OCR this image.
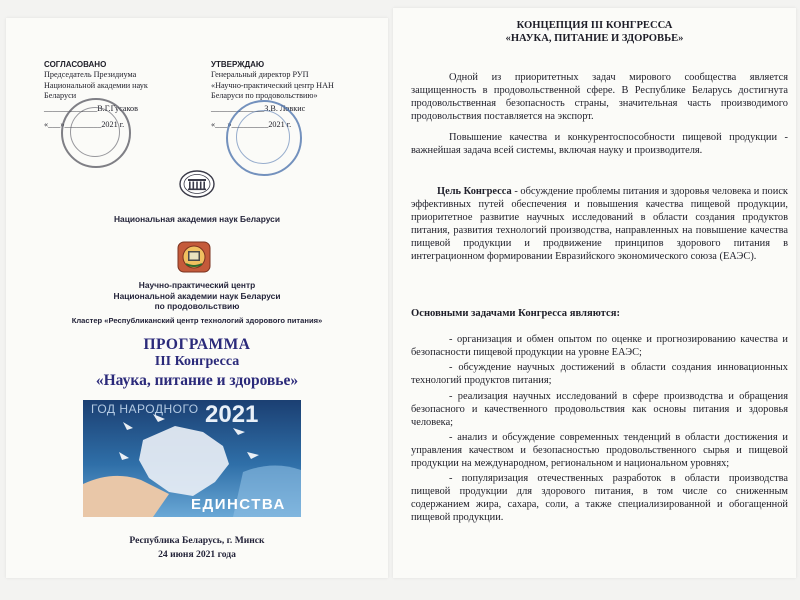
СОГЛАСОВАНО
Председатель Президиума
Национальной академии наук
Беларуси
_____________В.Г.Гусаков
«___»_________2021 г.
УТВЕРЖДАЮ
Генеральный директор РУП
«Научно-практический центр НАН
Беларуси по продовольствию»
_____________З.В. Ловкис
«___»_________2021 г.
Национальная академия наук Беларуси
Научно-практический центр
Национальной академии наук Беларуси
по продовольствию
Кластер «Республиканский центр технологий здорового питания»
ПРОГРАММА
III Конгресса
«Наука, питание и здоровье»
ГОД НАРОДНОГО 2021
ЕДИНСТВА
Республика Беларусь, г. Минск
24 июня 2021 года
КОНЦЕПЦИЯ III КОНГРЕССА
«НАУКА, ПИТАНИЕ И ЗДОРОВЬЕ»
Одной из приоритетных задач мирового сообщества является защищенность в продовольственной сфере. В Республике Беларусь достигнута продовольственная безопасность страны, значительная часть производимого продовольствия поставляется на экспорт.
Повышение качества и конкурентоспособности пищевой продукции - важнейшая задача всей системы, включая науку и производителя.
Цель Конгресса - обсуждение проблемы питания и здоровья человека и поиск эффективных путей обеспечения и повышения качества пищевой продукции, приоритетное развитие научных исследований в области создания продуктов питания, развития технологий производства, направленных на повышение качества пищевой продукции и продвижение принципов здорового питания в интеграционном формировании Евразийского экономического союза (ЕАЭС).
Основными задачами Конгресса являются:
- организация и обмен опытом по оценке и прогнозированию качества и безопасности пищевой продукции на уровне ЕАЭС;
- обсуждение научных достижений в области создания инновационных технологий продуктов питания;
- реализация научных исследований в сфере производства и обращения безопасного и качественного продовольствия как основы питания и здоровья человека;
- анализ и обсуждение современных тенденций в области достижения и управления качеством и безопасностью продовольственного сырья и пищевой продукции на международном, региональном и национальном уровнях;
- популяризация отечественных разработок в области производства пищевой продукции для здорового питания, в том числе со сниженным содержанием жира, сахара, соли, а также специализированной и обогащенной пищевой продукции.
